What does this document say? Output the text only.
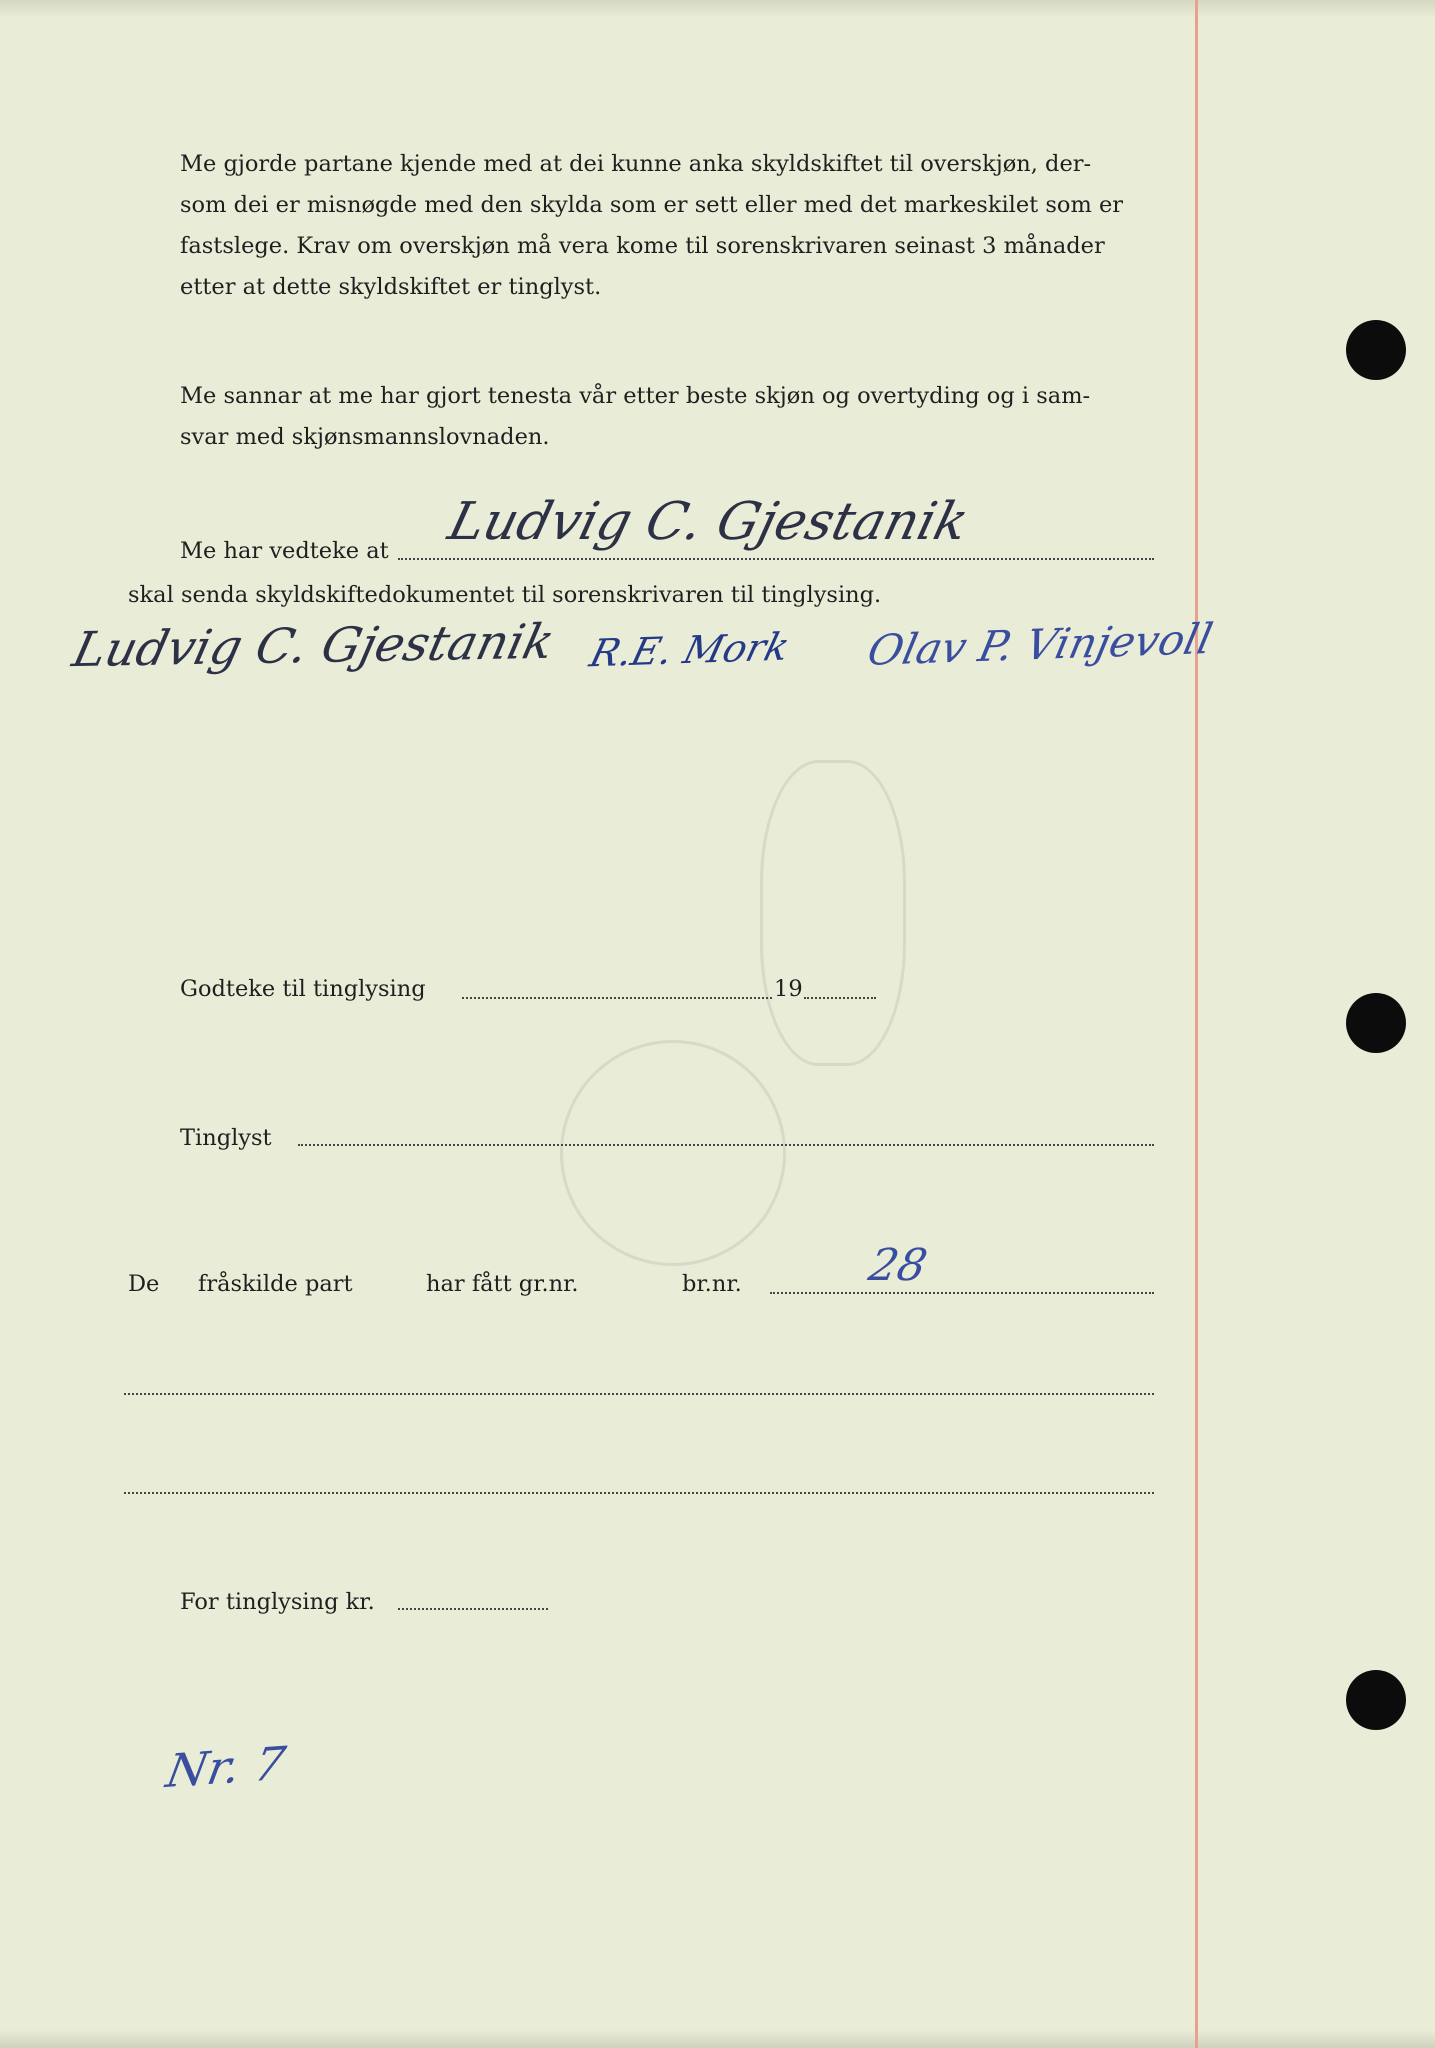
Me gjorde partane kjende med at dei kunne anka skyldskiftet til overskjøn, der-
som dei er misnøgde med den skylda som er sett eller med det markeskilet som er
fastslege. Krav om overskjøn må vera kome til sorenskrivaren seinast 3 månader
etter at dette skyldskiftet er tinglyst.
Me sannar at me har gjort tenesta vår etter beste skjøn og overtyding og i sam-
svar med skjønsmannslovnaden.
Me har vedteke at Ludvig C. Gjestanik
skal senda skyldskiftedokumentet til sorenskrivaren til tinglysing.
Ludvig C. Gjestanik R.E. Mork Olav P. Vinjevoll
Godteke til tinglysing	19
Tinglyst
De fråskilde part	har fått gr.nr.	br.nr.	28
For tinglysing kr.
Nr. 7
